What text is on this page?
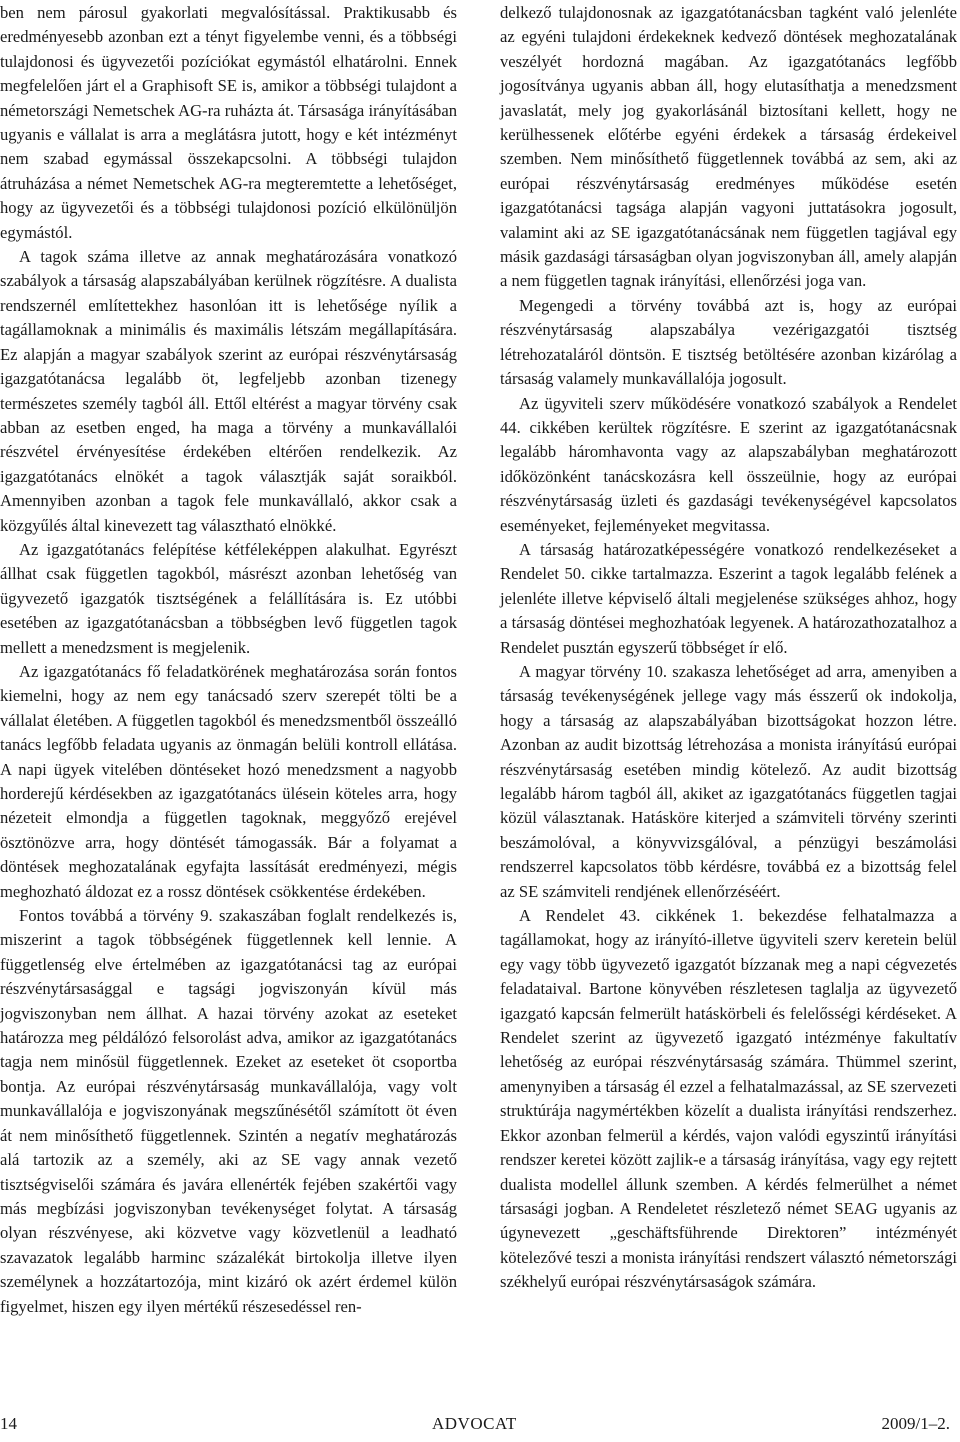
ben nem párosul gyakorlati megvalósítással. Praktikusabb és eredményesebb azonban ezt a tényt figyelembe venni, és a többségi tulajdonosi és ügyvezetői pozíciókat egymástól elhatárolni. Ennek megfelelően járt el a Graphisoft SE is, amikor a többségi tulajdont a németországi Nemetschek AG-ra ruházta át. Társasága irányításában ugyanis e vállalat is arra a meglátásra jutott, hogy e két intézményt nem szabad egymással összekapcsolni. A többségi tulajdon átruházása a német Nemetschek AG-ra megteremtette a lehetőséget, hogy az ügyvezetői és a többségi tulajdonosi pozíció elkülönüljön egymástól.

A tagok száma illetve az annak meghatározására vonatkozó szabályok a társaság alapszabályában kerülnek rögzítésre. A dualista rendszernél említettekhez hasonlóan itt is lehetősége nyílik a tagállamoknak a minimális és maximális létszám megállapítására. Ez alapján a magyar szabályok szerint az európai részvénytársaság igazgatótanácsa legalább öt, legfeljebb azonban tizenegy természetes személy tagból áll. Ettől eltérést a magyar törvény csak abban az esetben enged, ha maga a törvény a munkavállalói részvétel érvényesítése érdekében eltérően rendelkezik. Az igazgatótanács elnökét a tagok választják saját soraikból. Amennyiben azonban a tagok fele munkavállaló, akkor csak a közgyűlés által kinevezett tag választható elnökké.

Az igazgatótanács felépítése kétféleképpen alakulhat. Egyrészt állhat csak független tagokból, másrészt azonban lehetőség van ügyvezető igazgatók tisztségének a felállítására is. Ez utóbbi esetében az igazgatótanácsban a többségben levő független tagok mellett a menedzsment is megjelenik.

Az igazgatótanács fő feladatkörének meghatározása során fontos kiemelni, hogy az nem egy tanácsadó szerv szerepét tölti be a vállalat életében. A független tagokból és menedzsmentből összeálló tanács legfőbb feladata ugyanis az önmagán belüli kontroll ellátása. A napi ügyek vitelében döntéseket hozó menedzsment a nagyobb horderejű kérdésekben az igazgatótanács ülésein köteles arra, hogy nézeteit elmondja a független tagoknak, meggyőző erejével ösztönözve arra, hogy döntését támogassák. Bár a folyamat a döntések meghozatalának egyfajta lassítását eredményezi, mégis meghozható áldozat ez a rossz döntések csökkentése érdekében.

Fontos továbbá a törvény 9. szakaszában foglalt rendelkezés is, miszerint a tagok többségének függetlennek kell lennie. A függetlenség elve értelmében az igazgatótanácsi tag az európai részvénytársasággal e tagsági jogviszonyán kívül más jogviszonyban nem állhat. A hazai törvény azokat az eseteket határozza meg példálózó felsorolást adva, amikor az igazgatótanács tagja nem minősül függetlennek. Ezeket az eseteket öt csoportba bontja. Az európai részvénytársaság munkavállalója, vagy volt munkavállalója e jogviszonyának megszűnésétől számított öt éven át nem minősíthető függetlennek. Szintén a negatív meghatározás alá tartozik az a személy, aki az SE vagy annak vezető tisztségviselői számára és javára ellenérték fejében szakértői vagy más megbízási jogviszonyban tevékenységet folytat. A társaság olyan részvényese, aki közvetve vagy közvetlenül a leadható szavazatok legalább harminc százalékát birtokolja illetve ilyen személynek a hozzátartozója, mint kizáró ok azért érdemel külön figyelmet, hiszen egy ilyen mértékű részesedéssel ren-

delkező tulajdonosnak az igazgatótanácsban tagként való jelenléte az egyéni tulajdoni érdekeknek kedvező döntések meghozatalának veszélyét hordozná magában. Az igazgatótanács legfőbb jogosítványa ugyanis abban áll, hogy elutasíthatja a menedzsment javaslatát, mely jog gyakorlásánál biztosítani kellett, hogy ne kerülhessenek előtérbe egyéni érdekek a társaság érdekeivel szemben. Nem minősíthető függetlennek továbbá az sem, aki az európai részvénytársaság eredményes működése esetén igazgatótanácsi tagsága alapján vagyoni juttatásokra jogosult, valamint aki az SE igazgatótanácsának nem független tagjával egy másik gazdasági társaságban olyan jogviszonyban áll, amely alapján a nem független tagnak irányítási, ellenőrzési joga van.

Megengedi a törvény továbbá azt is, hogy az európai részvénytársaság alapszabálya vezérigazgatói tisztség létrehozataláról döntsön. E tisztség betöltésére azonban kizárólag a társaság valamely munkavállalója jogosult.

Az ügyviteli szerv működésére vonatkozó szabályok a Rendelet 44. cikkében kerültek rögzítésre. E szerint az igazgatótanácsnak legalább háromhavonta vagy az alapszabályban meghatározott időközönként tanácskozásra kell összeülnie, hogy az európai részvénytársaság üzleti és gazdasági tevékenységével kapcsolatos eseményeket, fejleményeket megvitassa.

A társaság határozatképességére vonatkozó rendelkezéseket a Rendelet 50. cikke tartalmazza. Eszerint a tagok legalább felének a jelenléte illetve képviselő általi megjelenése szükséges ahhoz, hogy a társaság döntései meghozhatóak legyenek. A határozathozatalhoz a Rendelet pusztán egyszerű többséget ír elő.

A magyar törvény 10. szakasza lehetőséget ad arra, amenyiben a társaság tevékenységének jellege vagy más ésszerű ok indokolja, hogy a társaság az alapszabályában bizottságokat hozzon létre. Azonban az audit bizottság létrehozása a monista irányítású európai részvénytársaság esetében mindig kötelező. Az audit bizottság legalább három tagból áll, akiket az igazgatótanács független tagjai közül választanak. Hatásköre kiterjed a számviteli törvény szerinti beszámolóval, a könyvvizsgálóval, a pénzügyi beszámolási rendszerrel kapcsolatos több kérdésre, továbbá ez a bizottság felel az SE számviteli rendjének ellenőrzéséért.

A Rendelet 43. cikkének 1. bekezdése felhatalmazza a tagállamokat, hogy az irányító-illetve ügyviteli szerv keretein belül egy vagy több ügyvezető igazgatót bízzanak meg a napi cégvezetés feladataival. Bartone könyvében részletesen taglalja az ügyvezető igazgató kapcsán felmerült hatáskörbeli és felelősségi kérdéseket. A Rendelet szerint az ügyvezető igazgató intézménye fakultatív lehetőség az európai részvénytársaság számára. Thümmel szerint, amenynyiben a társaság él ezzel a felhatalmazással, az SE szervezeti struktúrája nagymértékben közelít a dualista irányítási rendszerhez. Ekkor azonban felmerül a kérdés, vajon valódi egyszintű irányítási rendszer keretei között zajlik-e a társaság irányítása, vagy egy rejtett dualista modellel állunk szemben. A kérdés felmerülhet a német társasági jogban. A Rendeletet részletező német SEAG ugyanis az úgynevezett „geschäftsführende Direktoren” intézményét kötelezővé teszi a monista irányítási rendszert választó németországi székhelyű európai részvénytársaságok számára.

14	ADVOCAT	2009/1–2.
